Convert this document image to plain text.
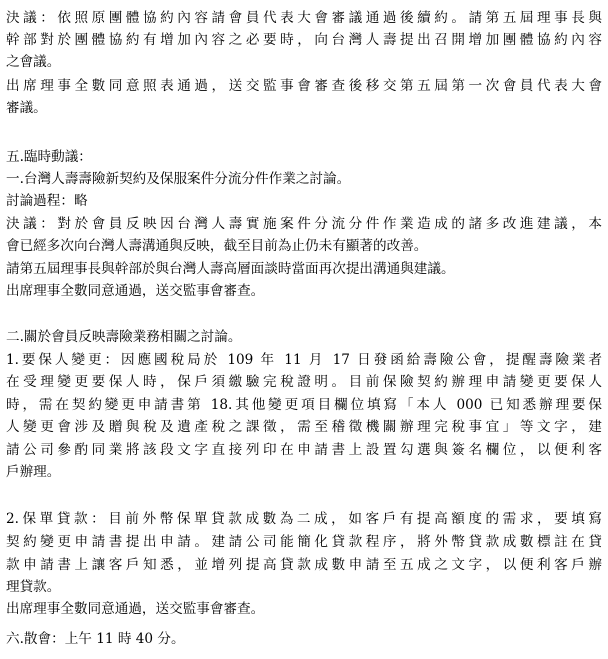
決議：依照原團體協約內容請會員代表大會審議通過後續約。請第五屆理事長與
幹部對於團體協約有增加內容之必要時，向台灣人壽提出召開增加團體協約內容
之會議。
出席理事全數同意照表通過，送交監事會審查後移交第五屆第一次會員代表大會
審議。
五.臨時動議：
一.台灣人壽壽險新契約及保服案件分流分件作業之討論。
討論過程：略
決議：對於會員反映因台灣人壽實施案件分流分件作業造成的諸多改進建議，本
會已經多次向台灣人壽溝通與反映，截至目前為止仍未有顯著的改善。
請第五屆理事長與幹部於與台灣人壽高層面談時當面再次提出溝通與建議。
出席理事全數同意通過，送交監事會審查。
二.關於會員反映壽險業務相關之討論。
1.要保人變更：因應國稅局於 109 年 11 月 17 日發函給壽險公會，提醒壽險業者
在受理變更要保人時，保戶須繳驗完稅證明。目前保險契約辦理申請變更要保人
時，需在契約變更申請書第 18.其他變更項目欄位填寫「本人 000 已知悉辦理要保
人變更會涉及贈與稅及遺產稅之課徵，需至稽徵機關辦理完稅事宜」等文字，建
請公司參酌同業將該段文字直接列印在申請書上設置勾選與簽名欄位，以便利客
戶辦理。
2.保單貸款：目前外幣保單貸款成數為二成，如客戶有提高額度的需求，要填寫
契約變更申請書提出申請。建請公司能簡化貸款程序，將外幣貸款成數標註在貸
款申請書上讓客戶知悉，並增列提高貸款成數申請至五成之文字，以便利客戶辦
理貸款。
出席理事全數同意通過，送交監事會審查。
六.散會：上午 11 時 40 分。
